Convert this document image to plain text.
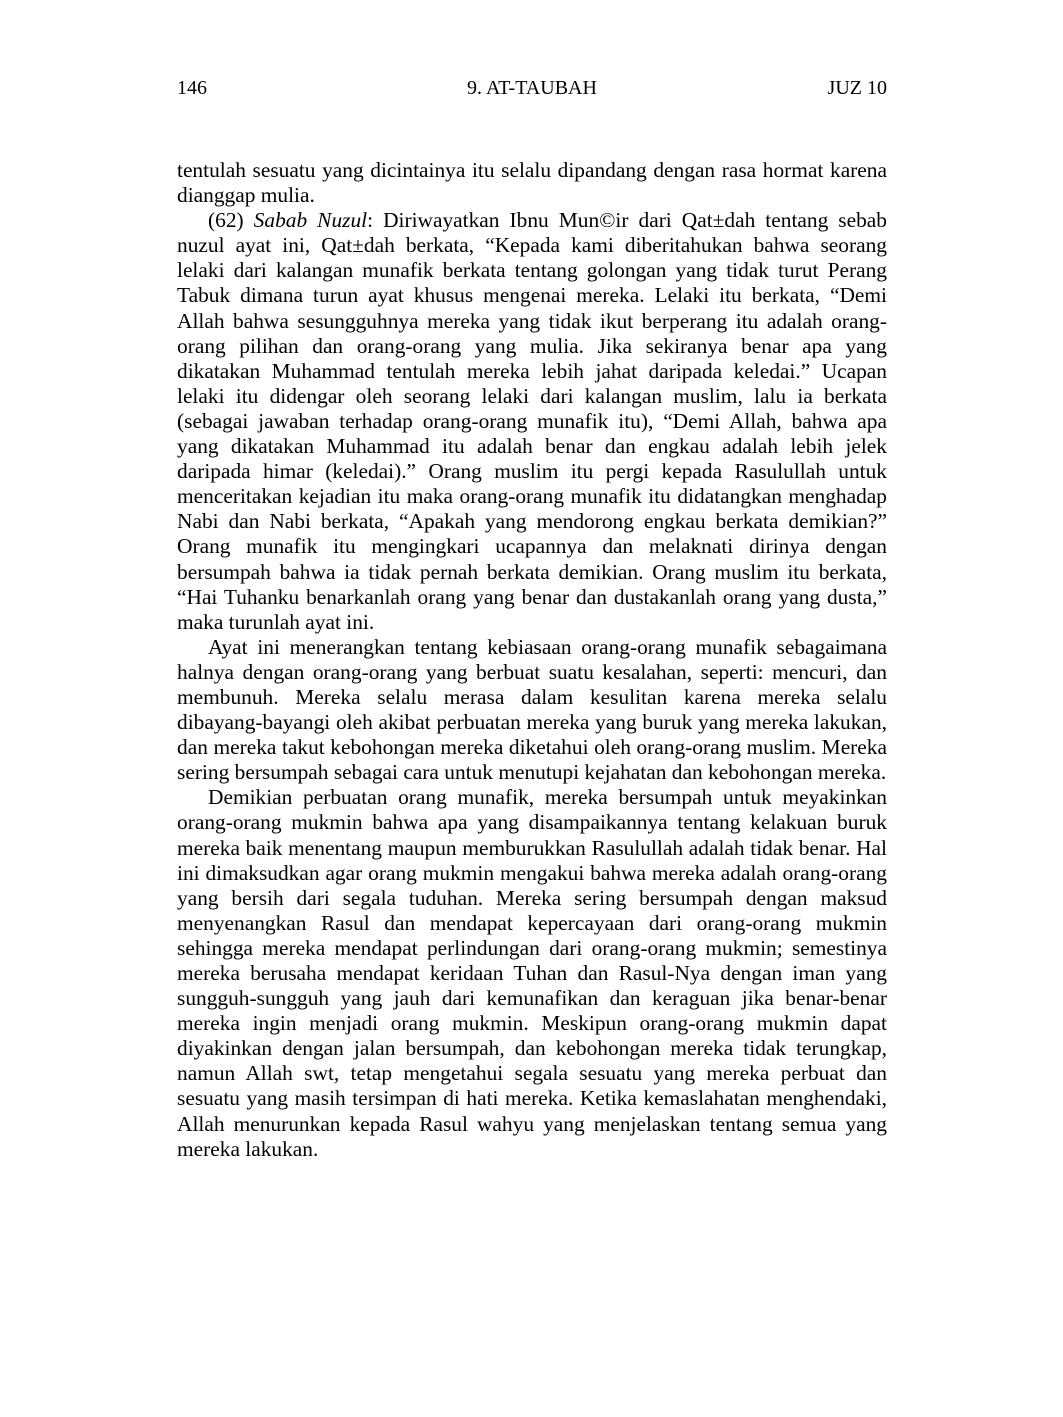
146	9. AT-TAUBAH	JUZ 10

tentulah sesuatu yang dicintainya itu selalu dipandang dengan rasa hormat karena dianggap mulia.

(62) Sabab Nuzul: Diriwayatkan Ibnu Mun©ir dari Qat±dah tentang sebab nuzul ayat ini, Qat±dah berkata, “Kepada kami diberitahukan bahwa seorang lelaki dari kalangan munafik berkata tentang golongan yang tidak turut Perang Tabuk dimana turun ayat khusus mengenai mereka. Lelaki itu berkata, “Demi Allah bahwa sesungguhnya mereka yang tidak ikut berperang itu adalah orang-orang pilihan dan orang-orang yang mulia. Jika sekiranya benar apa yang dikatakan Muhammad tentulah mereka lebih jahat daripada keledai.” Ucapan lelaki itu didengar oleh seorang lelaki dari kalangan muslim, lalu ia berkata (sebagai jawaban terhadap orang-orang munafik itu), “Demi Allah, bahwa apa yang dikatakan Muhammad itu adalah benar dan engkau adalah lebih jelek daripada himar (keledai).” Orang muslim itu pergi kepada Rasulullah untuk menceritakan kejadian itu maka orang-orang munafik itu didatangkan menghadap Nabi dan Nabi berkata, “Apakah yang mendorong engkau berkata demikian?” Orang munafik itu mengingkari ucapannya dan melaknati dirinya dengan bersumpah bahwa ia tidak pernah berkata demikian. Orang muslim itu berkata, “Hai Tuhanku benarkanlah orang yang benar dan dustakanlah orang yang dusta,” maka turunlah ayat ini.

Ayat ini menerangkan tentang kebiasaan orang-orang munafik sebagaimana halnya dengan orang-orang yang berbuat suatu kesalahan, seperti: mencuri, dan membunuh. Mereka selalu merasa dalam kesulitan karena mereka selalu dibayang-bayangi oleh akibat perbuatan mereka yang buruk yang mereka lakukan, dan mereka takut kebohongan mereka diketahui oleh orang-orang muslim. Mereka sering bersumpah sebagai cara untuk menutupi kejahatan dan kebohongan mereka.

Demikian perbuatan orang munafik, mereka bersumpah untuk meyakinkan orang-orang mukmin bahwa apa yang disampaikannya tentang kelakuan buruk mereka baik menentang maupun memburukkan Rasulullah adalah tidak benar. Hal ini dimaksudkan agar orang mukmin mengakui bahwa mereka adalah orang-orang yang bersih dari segala tuduhan. Mereka sering bersumpah dengan maksud menyenangkan Rasul dan mendapat kepercayaan dari orang-orang mukmin sehingga mereka mendapat perlindungan dari orang-orang mukmin; semestinya mereka berusaha mendapat keridaan Tuhan dan Rasul-Nya dengan iman yang sungguh-sungguh yang jauh dari kemunafikan dan keraguan jika benar-benar mereka ingin menjadi orang mukmin. Meskipun orang-orang mukmin dapat diyakinkan dengan jalan bersumpah, dan kebohongan mereka tidak terungkap, namun Allah swt, tetap mengetahui segala sesuatu yang mereka perbuat dan sesuatu yang masih tersimpan di hati mereka. Ketika kemaslahatan menghendaki, Allah menurunkan kepada Rasul wahyu yang menjelaskan tentang semua yang mereka lakukan.
